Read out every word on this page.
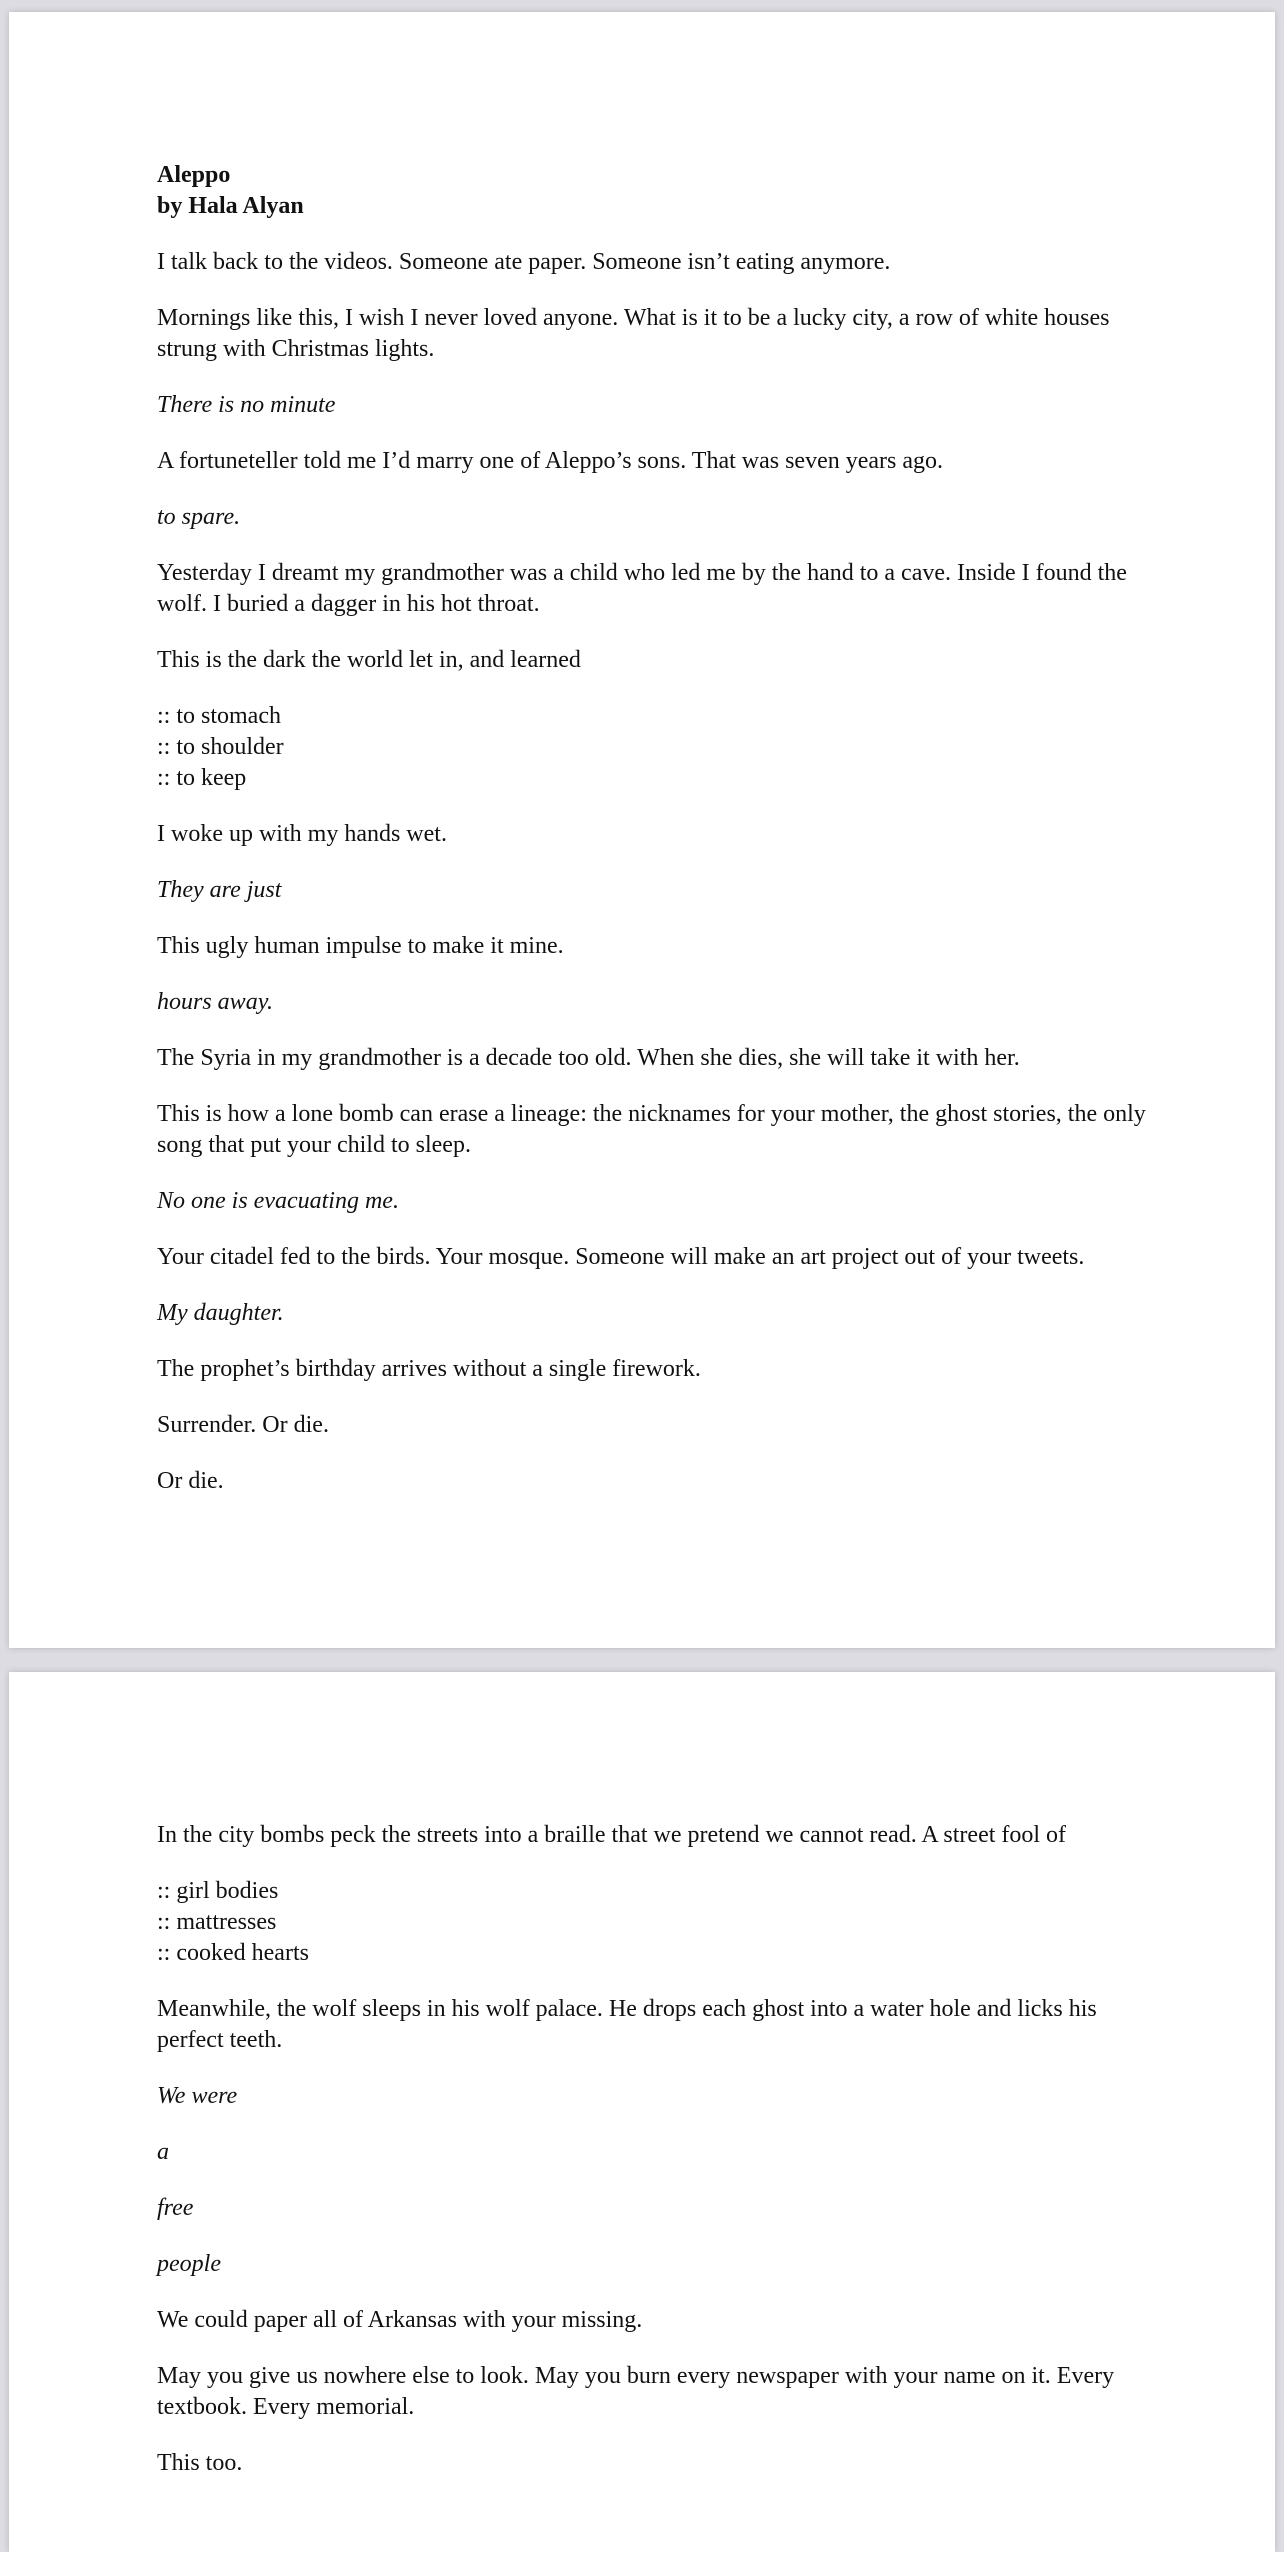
Aleppo
by Hala Alyan

I talk back to the videos. Someone ate paper. Someone isn’t eating anymore.

Mornings like this, I wish I never loved anyone. What is it to be a lucky city, a row of white houses strung with Christmas lights.

There is no minute

A fortuneteller told me I’d marry one of Aleppo’s sons. That was seven years ago.

to spare.

Yesterday I dreamt my grandmother was a child who led me by the hand to a cave. Inside I found the wolf. I buried a dagger in his hot throat.

This is the dark the world let in, and learned

:: to stomach
:: to shoulder
:: to keep

I woke up with my hands wet.

They are just

This ugly human impulse to make it mine.

hours away.

The Syria in my grandmother is a decade too old. When she dies, she will take it with her.

This is how a lone bomb can erase a lineage: the nicknames for your mother, the ghost stories, the only song that put your child to sleep.

No one is evacuating me.

Your citadel fed to the birds. Your mosque. Someone will make an art project out of your tweets.

My daughter.

The prophet’s birthday arrives without a single firework.

Surrender. Or die.

Or die.

In the city bombs peck the streets into a braille that we pretend we cannot read. A street fool of

:: girl bodies
:: mattresses
:: cooked hearts

Meanwhile, the wolf sleeps in his wolf palace. He drops each ghost into a water hole and licks his perfect teeth.

We were

a

free

people

We could paper all of Arkansas with your missing.

May you give us nowhere else to look. May you burn every newspaper with your name on it. Every textbook. Every memorial.

This too.
